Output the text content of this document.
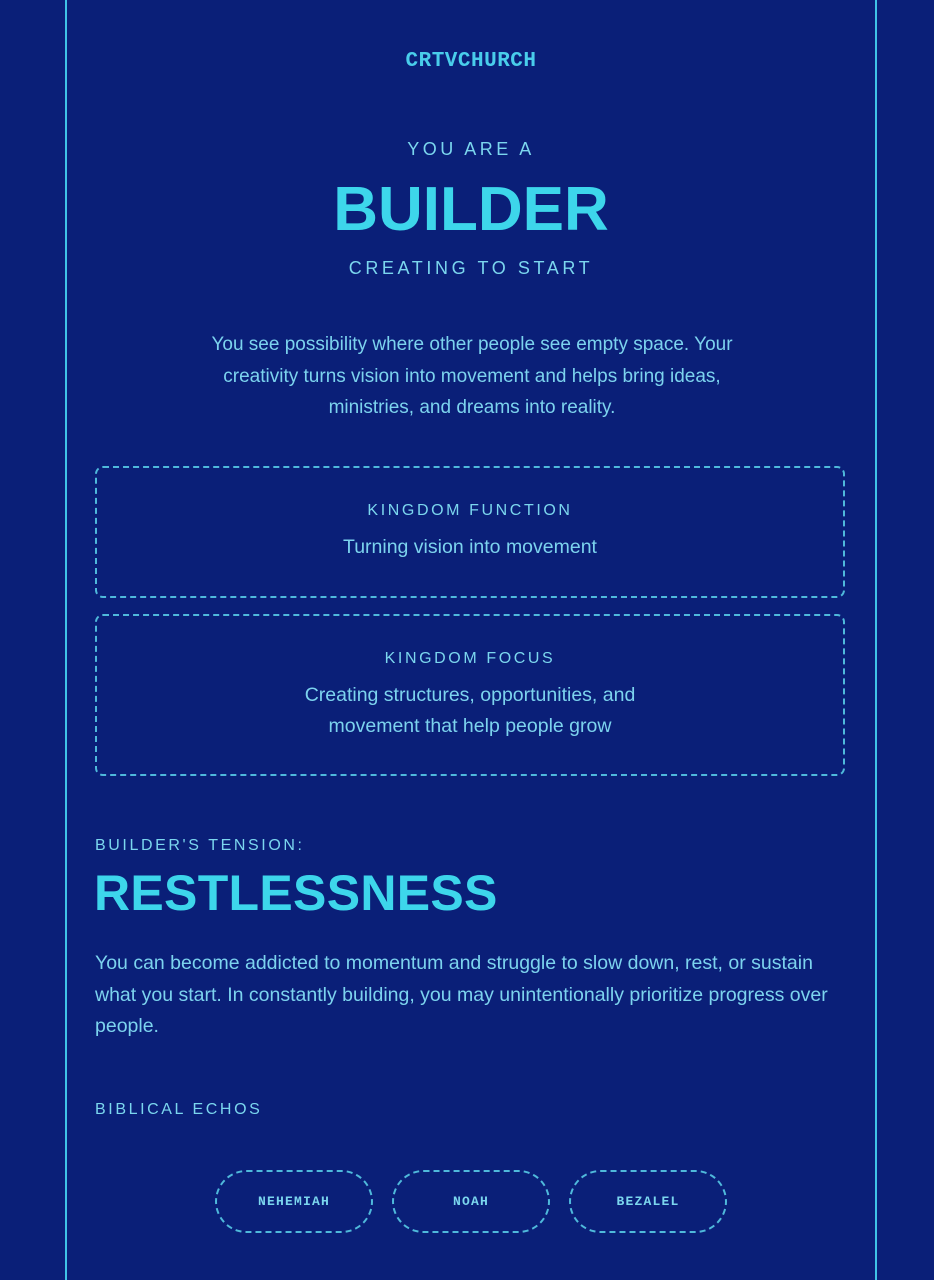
CRTVCHURCH
YOU ARE A
BUILDER
CREATING TO START
You see possibility where other people see empty space. Your creativity turns vision into movement and helps bring ideas, ministries, and dreams into reality.
KINGDOM FUNCTION
Turning vision into movement
KINGDOM FOCUS
Creating structures, opportunities, and movement that help people grow
BUILDER'S TENSION:
RESTLESSNESS
You can become addicted to momentum and struggle to slow down, rest, or sustain what you start. In constantly building, you may unintentionally prioritize progress over people.
BIBLICAL ECHOS
NEHEMIAH	NOAH	BEZALEL
